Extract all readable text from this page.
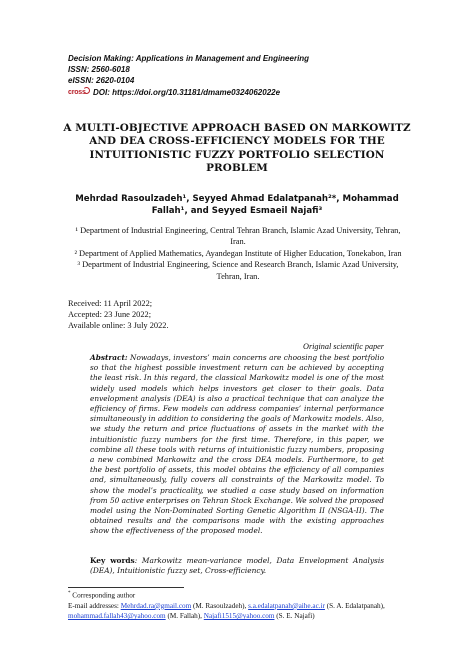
Decision Making: Applications in Management and Engineering
ISSN: 2560-6018
eISSN: 2620-0104
cross DOI: https://doi.org/10.31181/dmame0324062022e
A MULTI-OBJECTIVE APPROACH BASED ON MARKOWITZ AND DEA CROSS-EFFICIENCY MODELS FOR THE INTUITIONISTIC FUZZY PORTFOLIO SELECTION PROBLEM
Mehrdad Rasoulzadeh¹, Seyyed Ahmad Edalatpanah²*, Mohammad
Fallah¹, and Seyyed Esmaeil Najafi³

¹ Department of Industrial Engineering, Central Tehran Branch, Islamic Azad University, Tehran, Iran.

² Department of Applied Mathematics, Ayandegan Institute of Higher Education, Tonekabon, Iran

³ Department of Industrial Engineering, Science and Research Branch, Islamic Azad University, Tehran, Iran.

Received: 11 April 2022;
Accepted: 23 June 2022;
Available online: 3 July 2022.
Original scientific paper
Abstract: Nowadays, investors’ main concerns are choosing the best portfolio so that the highest possible investment return can be achieved by accepting the least risk. In this regard, the classical Markowitz model is one of the most widely used models which helps investors get closer to their goals. Data envelopment analysis (DEA) is also a practical technique that can analyze the efficiency of firms. Few models can address companies’ internal performance simultaneously in addition to considering the goals of Markowitz models. Also, we study the return and price fluctuations of assets in the market with the intuitionistic fuzzy numbers for the first time. Therefore, in this paper, we combine all these tools with returns of intuitionistic fuzzy numbers, proposing a new combined Markowitz and the cross DEA models. Furthermore, to get the best portfolio of assets, this model obtains the efficiency of all companies and, simultaneously, fully covers all constraints of the Markowitz model. To show the model’s practicality, we studied a case study based on information from 50 active enterprises on Tehran Stock Exchange. We solved the proposed model using the Non-Dominated Sorting Genetic Algorithm II (NSGA-II). The obtained results and the comparisons made with the existing approaches show the effectiveness of the proposed model.
Key words: Markowitz mean-variance model, Data Envelopment Analysis (DEA), Intuitionistic fuzzy set, Cross-efficiency.
* Corresponding author
E-mail addresses: Mehrdad.ra@gmail.com (M. Rasoulzadeh), s.a.edalatpanah@aihe.ac.ir (S. A. Edalatpanah), mohammad.fallah43@yahoo.com (M. Fallah), Najafi1515@yahoo.com (S. E. Najafi)
